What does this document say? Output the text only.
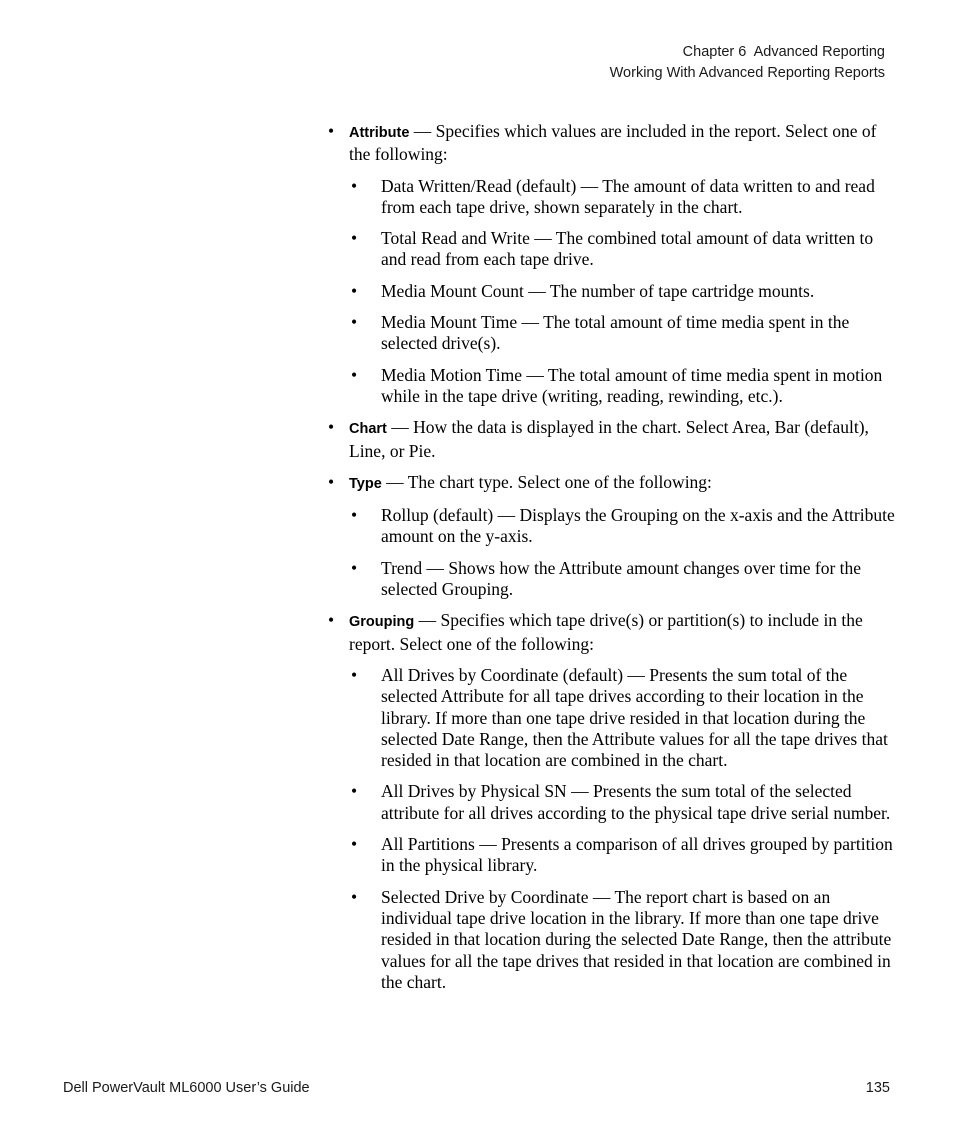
Chapter 6  Advanced Reporting
Working With Advanced Reporting Reports
• Attribute — Specifies which values are included in the report. Select one of the following:
• Data Written/Read (default) — The amount of data written to and read from each tape drive, shown separately in the chart.
• Total Read and Write — The combined total amount of data written to and read from each tape drive.
• Media Mount Count — The number of tape cartridge mounts.
• Media Mount Time — The total amount of time media spent in the selected drive(s).
• Media Motion Time — The total amount of time media spent in motion while in the tape drive (writing, reading, rewinding, etc.).
• Chart — How the data is displayed in the chart. Select Area, Bar (default), Line, or Pie.
• Type — The chart type. Select one of the following:
• Rollup (default) — Displays the Grouping on the x-axis and the Attribute amount on the y-axis.
• Trend — Shows how the Attribute amount changes over time for the selected Grouping.
• Grouping — Specifies which tape drive(s) or partition(s) to include in the report. Select one of the following:
• All Drives by Coordinate (default) — Presents the sum total of the selected Attribute for all tape drives according to their location in the library. If more than one tape drive resided in that location during the selected Date Range, then the Attribute values for all the tape drives that resided in that location are combined in the chart.
• All Drives by Physical SN — Presents the sum total of the selected attribute for all drives according to the physical tape drive serial number.
• All Partitions — Presents a comparison of all drives grouped by partition in the physical library.
• Selected Drive by Coordinate — The report chart is based on an individual tape drive location in the library. If more than one tape drive resided in that location during the selected Date Range, then the attribute values for all the tape drives that resided in that location are combined in the chart.
Dell PowerVault ML6000 User’s Guide	135
